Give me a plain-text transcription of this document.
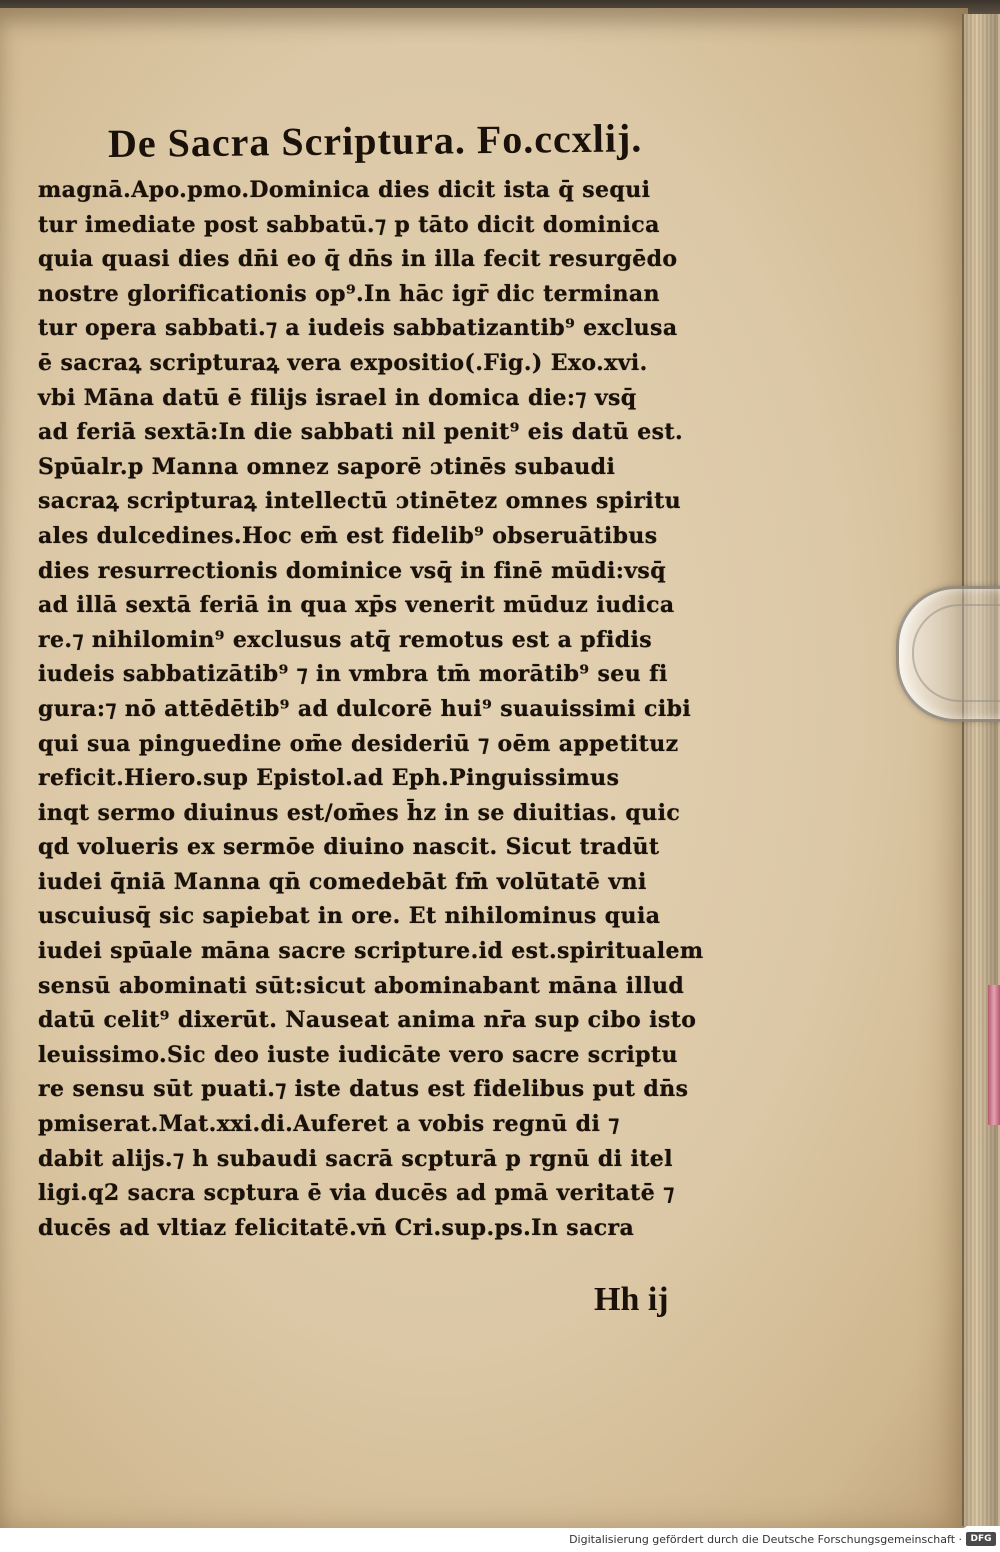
De Sacra Scriptura. Fo.ccxlij.
magnā.Apo.pmo.Dominica dies dicit ista q̄ sequi
tur imediate post sabbatū.⁊ p tāto dicit dominica
quia quasi dies dn̄i eo q̄ dn̄s in illa fecit resurgēdo
nostre glorificationis op⁹.In hāc igr̄ dic terminan
tur opera sabbati.⁊ a iudeis sabbatizantib⁹ exclusa
ē sacraꝝ scripturaꝝ vera expositio(.Fig.) Exo.xvi.
vbi Māna datū ē filijs israel in domica die:⁊ vsq̄
ad feriā sextā:In die sabbati nil penit⁹ eis datū est.
Spūalr.p Manna omnez saporē ɔtinēs subaudi
sacraꝝ scripturaꝝ intellectū ɔtinētez omnes spiritu
ales dulcedines.Hoc em̄ est fidelib⁹ obseruātibus
dies resurrectionis dominice vsq̄ in finē mūdi:vsq̄
ad illā sextā feriā in qua xp̄s venerit mūduz iudica
re.⁊ nihilomin⁹ exclusus atq̄ remotus est a pfidis
iudeis sabbatizātib⁹ ⁊ in vmbra tm̄ morātib⁹ seu fi
gura:⁊ nō attēdētib⁹ ad dulcorē hui⁹ suauissimi cibi
qui sua pinguedine om̄e desideriū ⁊ oēm appetituz
reficit.Hiero.sup Epistol.ad Eph.Pinguissimus
inqt sermo diuinus est/om̄es h̄z in se diuitias. quic
qd volueris ex sermōe diuino nascit. Sicut tradūt
iudei q̄niā Manna qn̄ comedebāt fm̄ volūtatē vni
uscuiusq̄ sic sapiebat in ore. Et nihilominus quia
iudei spūale māna sacre scripture.id est.spiritualem
sensū abominati sūt:sicut abominabant māna illud
datū celit⁹ dixerūt. Nauseat anima nr̄a sup cibo isto
leuissimo.Sic deo iuste iudicāte vero sacre scriptu
re sensu sūt puati.⁊ iste datus est fidelibus put dn̄s
pmiserat.Mat.xxi.di.Auferet a vobis regnū di ⁊
dabit alijs.⁊ h subaudi sacrā scpturā p rgnū di itel
ligi.q2 sacra scptura ē via ducēs ad pmā veritatē ⁊
ducēs ad vltiaz felicitatē.vn̄ Cri.sup.ps.In sacra
Hh ij
Digitalisierung gefördert durch die Deutsche Forschungsgemeinschaft · DFG
